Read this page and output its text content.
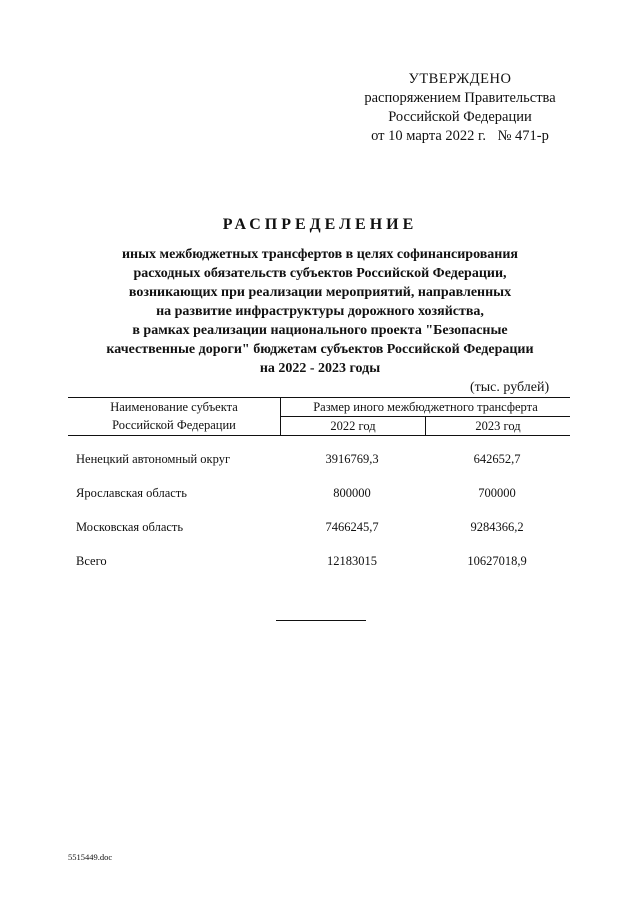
УТВЕРЖДЕНО
распоряжением Правительства
Российской Федерации
от 10 марта 2022 г. № 471-р
РАСПРЕДЕЛЕНИЕ
иных межбюджетных трансфертов в целях софинансирования
расходных обязательств субъектов Российской Федерации,
возникающих при реализации мероприятий, направленных
на развитие инфраструктуры дорожного хозяйства,
в рамках реализации национального проекта "Безопасные
качественные дороги" бюджетам субъектов Российской Федерации
на 2022 - 2023 годы
(тыс. рублей)
Наименование субъекта
Российской Федерации
Размер иного межбюджетного трансферта
2022 год	2023 год
Ненецкий автономный округ	3916769,3	642652,7
Ярославская область	800000	700000
Московская область	7466245,7	9284366,2
Всего	12183015	10627018,9
5515449.doc
